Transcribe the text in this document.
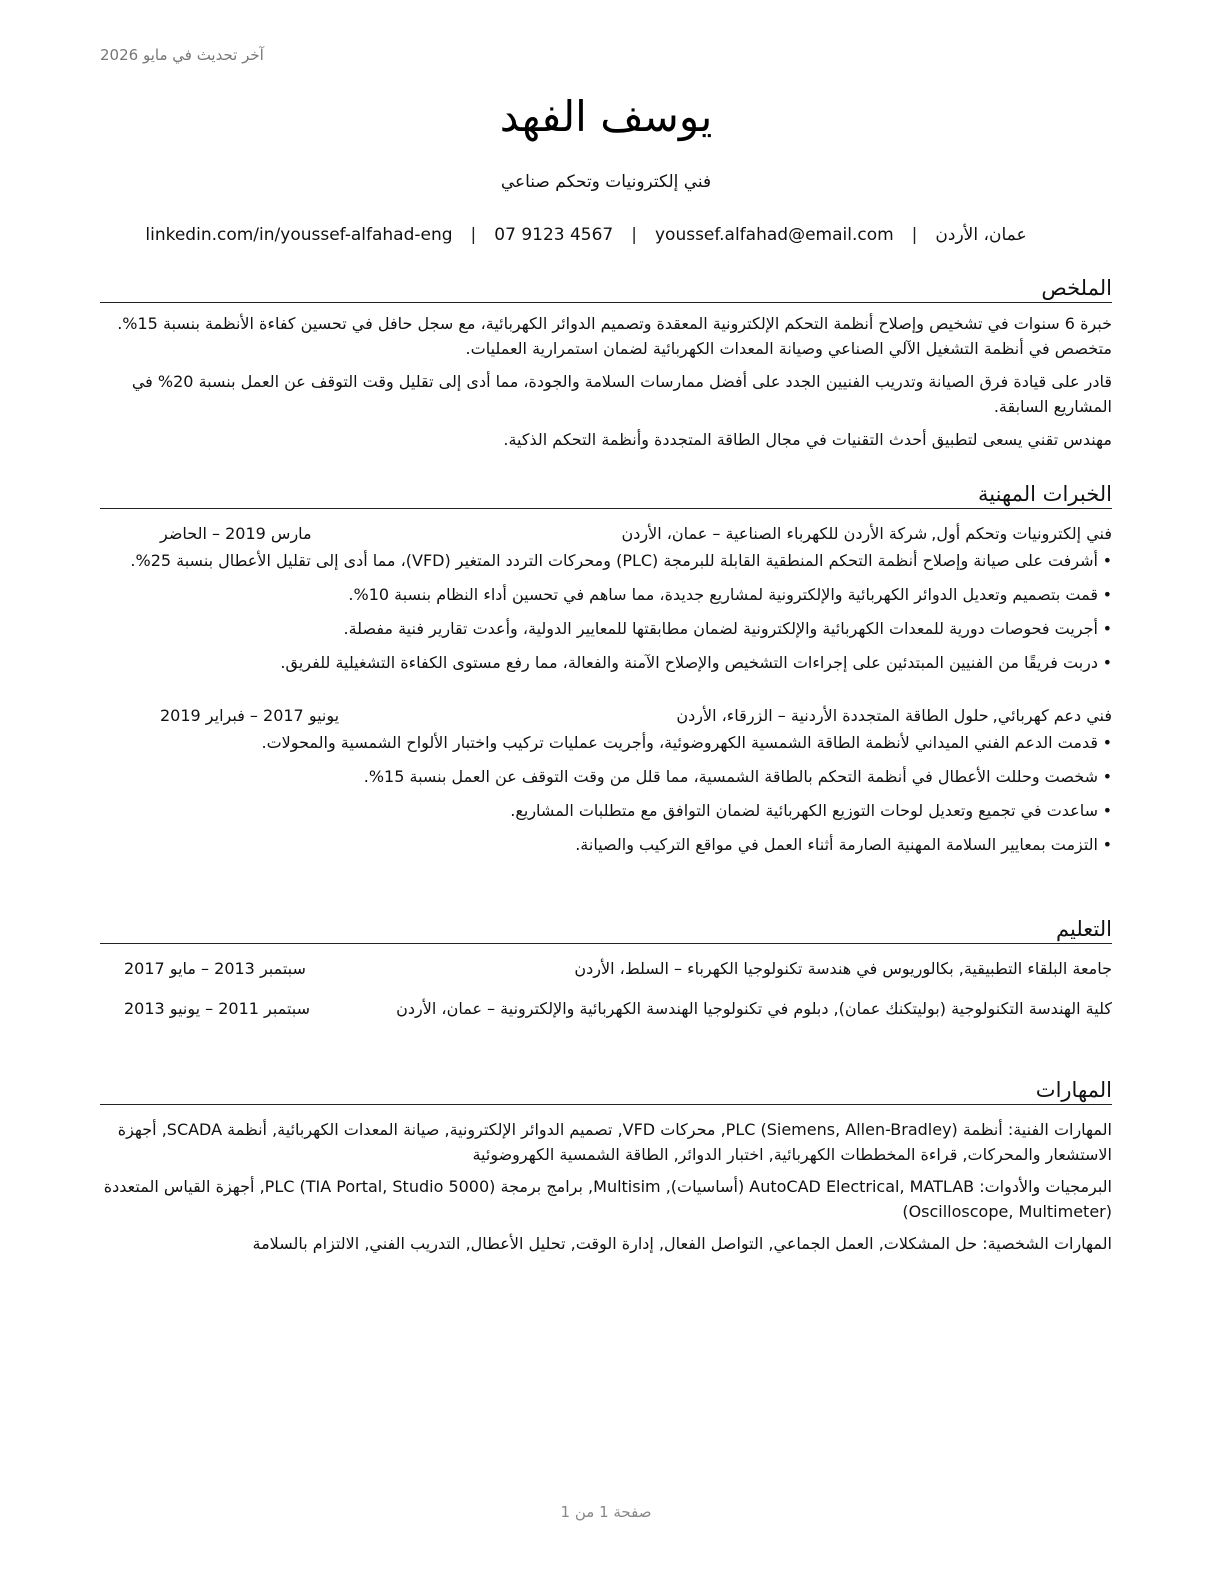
آخر تحديث في مايو 2026
يوسف الفهد
فني إلكترونيات وتحكم صناعي
عمان، الأردن
|
youssef.alfahad@email.com
|
07 9123 4567
|
linkedin.com/in/youssef-alfahad-eng
الملخص

خبرة 6 سنوات في تشخيص وإصلاح أنظمة التحكم الإلكترونية المعقدة وتصميم الدوائر الكهربائية، مع سجل حافل في تحسين كفاءة الأنظمة بنسبة 15%. متخصص في أنظمة التشغيل الآلي الصناعي وصيانة المعدات الكهربائية لضمان استمرارية العمليات.

قادر على قيادة فرق الصيانة وتدريب الفنيين الجدد على أفضل ممارسات السلامة والجودة، مما أدى إلى تقليل وقت التوقف عن العمل بنسبة 20% في المشاريع السابقة.

مهندس تقني يسعى لتطبيق أحدث التقنيات في مجال الطاقة المتجددة وأنظمة التحكم الذكية.

الخبرات المهنية
فني إلكترونيات وتحكم أول,
شركة الأردن للكهرباء الصناعية – عمان، الأردن
مارس 2019 – الحاضر
• أشرفت على صيانة وإصلاح أنظمة التحكم المنطقية القابلة للبرمجة (PLC) ومحركات التردد المتغير (VFD)، مما أدى إلى تقليل الأعطال بنسبة 25%.
• قمت بتصميم وتعديل الدوائر الكهربائية والإلكترونية لمشاريع جديدة، مما ساهم في تحسين أداء النظام بنسبة 10%.
• أجريت فحوصات دورية للمعدات الكهربائية والإلكترونية لضمان مطابقتها للمعايير الدولية، وأعدت تقارير فنية مفصلة.
• دربت فريقًا من الفنيين المبتدئين على إجراءات التشخيص والإصلاح الآمنة والفعالة، مما رفع مستوى الكفاءة التشغيلية للفريق.
فني دعم كهربائي,
حلول الطاقة المتجددة الأردنية – الزرقاء، الأردن
يونيو 2017 – فبراير 2019
• قدمت الدعم الفني الميداني لأنظمة الطاقة الشمسية الكهروضوئية، وأجريت عمليات تركيب واختبار الألواح الشمسية والمحولات.
• شخصت وحللت الأعطال في أنظمة التحكم بالطاقة الشمسية، مما قلل من وقت التوقف عن العمل بنسبة 15%.
• ساعدت في تجميع وتعديل لوحات التوزيع الكهربائية لضمان التوافق مع متطلبات المشاريع.
• التزمت بمعايير السلامة المهنية الصارمة أثناء العمل في مواقع التركيب والصيانة.
التعليم
جامعة البلقاء التطبيقية, بكالوريوس في هندسة تكنولوجيا الكهرباء – السلط، الأردن
سبتمبر 2013 – مايو 2017
كلية الهندسة التكنولوجية (بوليتكنك عمان), دبلوم في تكنولوجيا الهندسة الكهربائية والإلكترونية – عمان، الأردن
سبتمبر 2011 – يونيو 2013
المهارات

المهارات الفنية: أنظمة PLC (Siemens, Allen-Bradley), محركات VFD, تصميم الدوائر الإلكترونية, صيانة المعدات الكهربائية, أنظمة SCADA, أجهزة الاستشعار والمحركات, قراءة المخططات الكهربائية, اختبار الدوائر, الطاقة الشمسية الكهروضوئية

البرمجيات والأدوات: AutoCAD Electrical, MATLAB (أساسيات), Multisim, برامج برمجة PLC (TIA Portal, Studio 5000), أجهزة القياس المتعددة (Oscilloscope, Multimeter)

المهارات الشخصية: حل المشكلات, العمل الجماعي, التواصل الفعال, إدارة الوقت, تحليل الأعطال, التدريب الفني, الالتزام بالسلامة

صفحة 1 من 1
